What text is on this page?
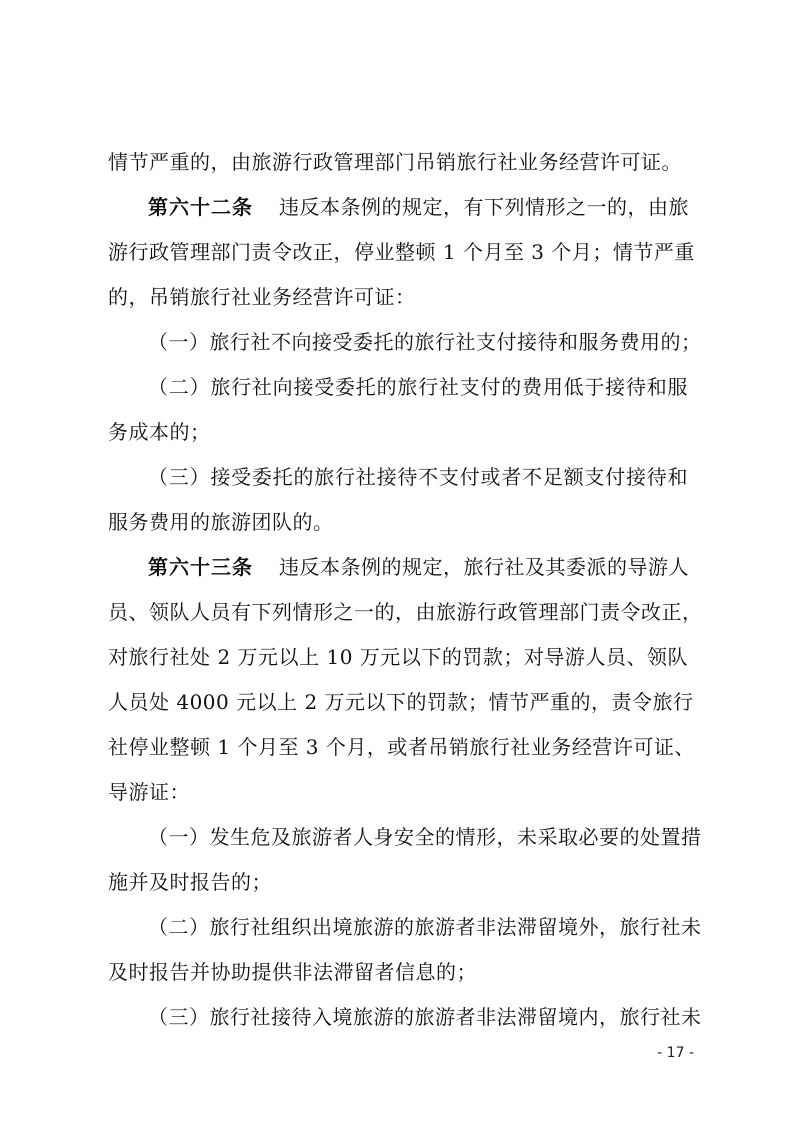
情节严重的，由旅游行政管理部门吊销旅行社业务经营许可证。
第六十二条 违反本条例的规定，有下列情形之一的，由旅
游行政管理部门责令改正，停业整顿 1 个月至 3 个月；情节严重
的，吊销旅行社业务经营许可证：
（一）旅行社不向接受委托的旅行社支付接待和服务费用的；
（二）旅行社向接受委托的旅行社支付的费用低于接待和服
务成本的；
（三）接受委托的旅行社接待不支付或者不足额支付接待和
服务费用的旅游团队的。
第六十三条 违反本条例的规定，旅行社及其委派的导游人
员、领队人员有下列情形之一的，由旅游行政管理部门责令改正，
对旅行社处 2 万元以上 10 万元以下的罚款；对导游人员、领队
人员处 4000 元以上 2 万元以下的罚款；情节严重的，责令旅行
社停业整顿 1 个月至 3 个月，或者吊销旅行社业务经营许可证、
导游证：
（一）发生危及旅游者人身安全的情形，未采取必要的处置措
施并及时报告的；
（二）旅行社组织出境旅游的旅游者非法滞留境外，旅行社未
及时报告并协助提供非法滞留者信息的；
（三）旅行社接待入境旅游的旅游者非法滞留境内，旅行社未
- 17 -
